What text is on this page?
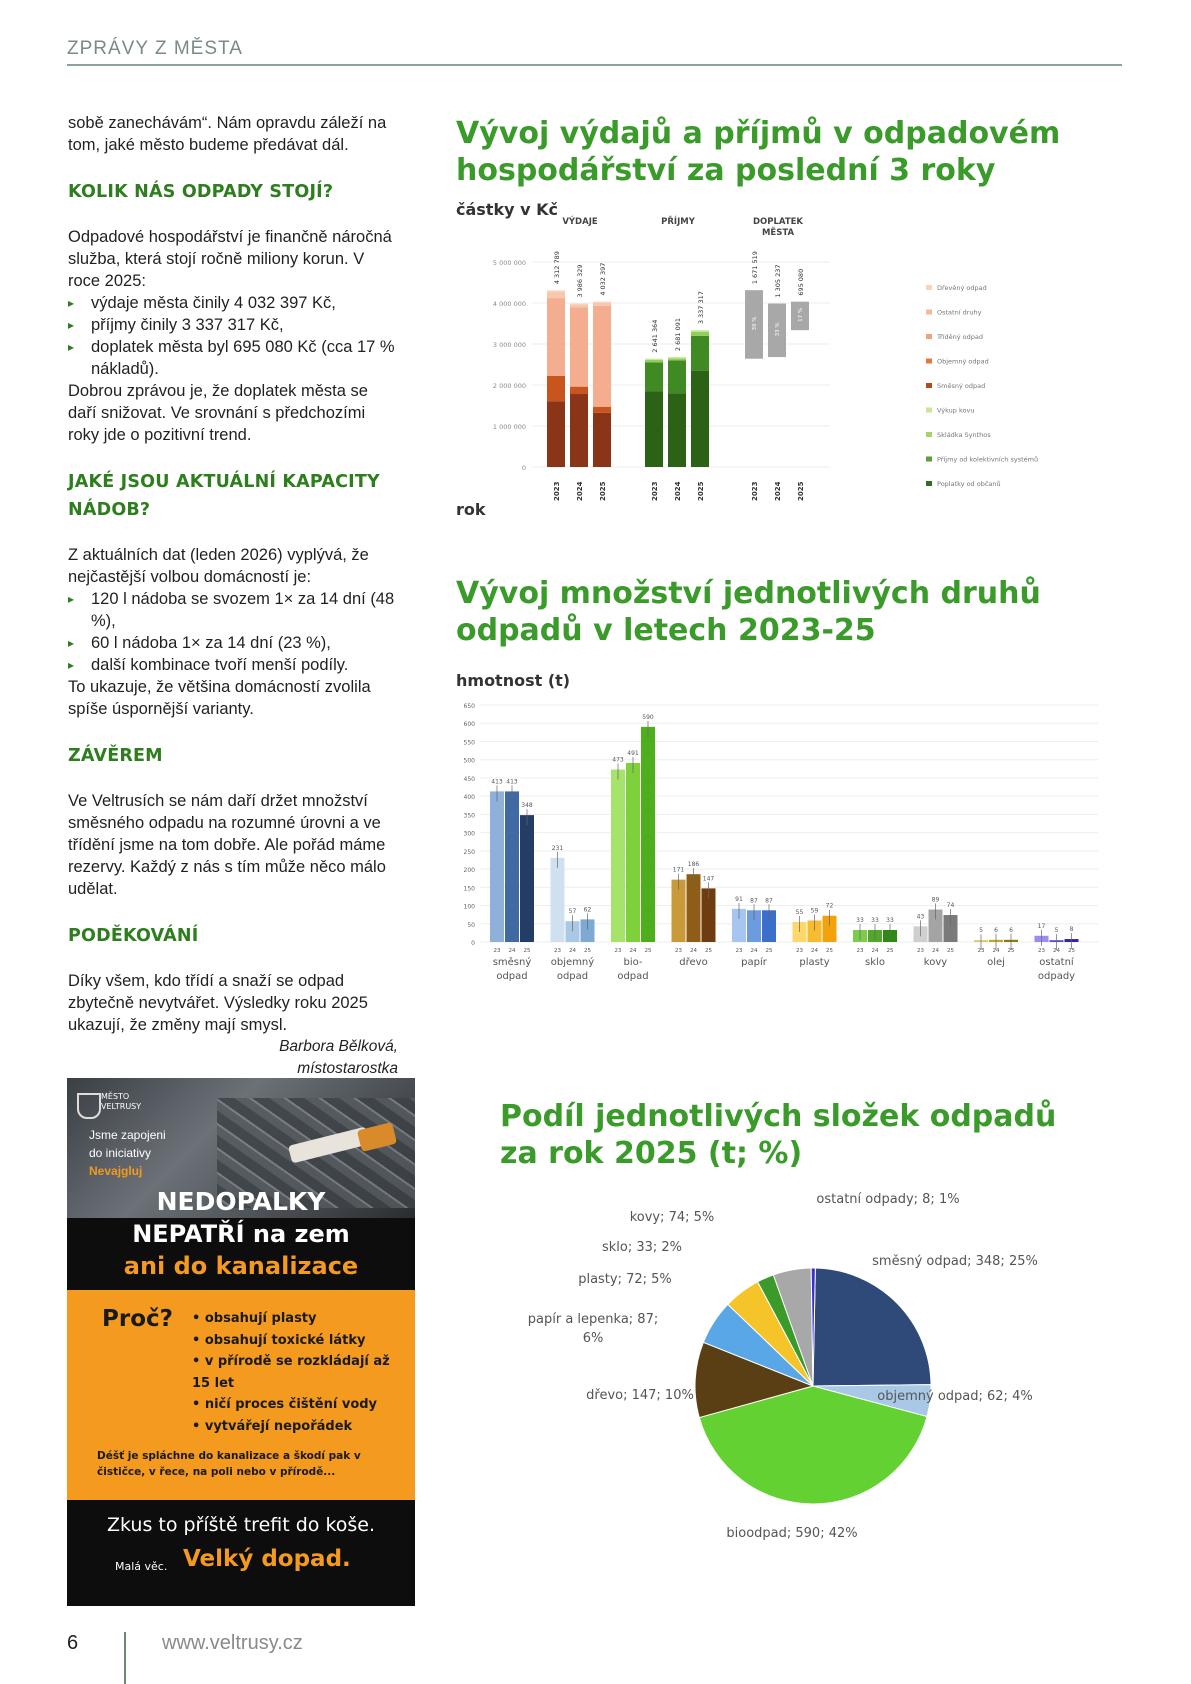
ZPRÁVY Z MĚSTA

sobě zanechávám“. Nám opravdu záleží na tom, jaké město budeme předávat dál.

KOLIK NÁS ODPADY STOJÍ?

Odpadové hospodářství je finančně náročná služba, která stojí ročně miliony korun. V roce 2025:

▸ výdaje města činily 4 032 397 Kč,
▸ příjmy činily 3 337 317 Kč,
▸ doplatek města byl 695 080 Kč (cca 17 % nákladů).

Dobrou zprávou je, že doplatek města se daří snižovat. Ve srovnání s předchozími roky jde o pozitivní trend.

JAKÉ JSOU AKTUÁLNÍ KAPACITY NÁDOB?

Z aktuálních dat (leden 2026) vyplývá, že nejčastější volbou domácností je:

▸ 120 l nádoba se svozem 1× za 14 dní (48 %),
▸ 60 l nádoba 1× za 14 dní (23 %),
▸ další kombinace tvoří menší podíly.

To ukazuje, že většina domácností zvolila spíše úspornější varianty.

ZÁVĚREM

Ve Veltrusích se nám daří držet množství směsného odpadu na rozumné úrovni a ve třídění jsme na tom dobře. Ale pořád máme rezervy. Každý z nás s tím může něco málo udělat.

PODĚKOVÁNÍ

Díky všem, kdo třídí a snaží se odpad zbytečně nevytvářet. Výsledky roku 2025 ukazují, že změny mají smysl.

Barbora Bělková,

místostarostka

Vývoj výdajů a příjmů v odpadovém hospodářství za poslední 3 roky
částky v Kč
rok
5 000 000
4 000 000
3 000 000
2 000 000
1 000 000
0
VÝDAJE	PŘÍJMY	DOPLATEK
MĚSTA
4 312 789
2023
3 986 329
2024
4 032 397
2025
2 641 364
2023
2 681 091
2024
3 337 317
2025
39 %
1 671 519
2023
33 %
1 305 237
2024
17 %
695 080
2025
Dřevěný odpad
Ostatní druhy
Tříděný odpad
Objemný odpad
Směsný odpad
Výkup kovu
Skládka Synthos
Příjmy od kolektivních systémů
Poplatky od občanů
Vývoj množství jednotlivých druhů odpadů v letech 2023-25
hmotnost (t)
650
600
550
500
450
400
350
300
250
200
150
100
50
0
413
23
413
24
348
25
směsný
odpad
231
23
57
24
62
25
objemný
odpad
473
23
491
24
590
25
bio-
odpad
171
23
186
24
147
25
dřevo
91
23
87
24
87
25
papír
55
23
59
24
72
25
plasty
33
23
33
24
33
25
sklo
43
23
89
24
74
25
kovy
5
23
6
24
6
25
olej
17
23
5
24
8
25
ostatní
odpady
Podíl jednotlivých složek odpadů za rok 2025 (t; %)
směsný odpad; 348; 25%
objemný odpad; 62; 4%
bioodpad; 590; 42%
dřevo; 147; 10%
papír a lepenka; 87;
6%
plasty; 72; 5%
sklo; 33; 2%
kovy; 74; 5%
ostatní odpady; 8; 1%
MĚSTO VELTRUSY
Jsme zapojeni
do iniciativy
Nevajgluj
NEDOPALKY
NEPATŘÍ na zem
ani do kanalizace
Proč? • obsahují plasty
• obsahují toxické látky
• v přírodě se rozkládají až 15 let
• ničí proces čištění vody
• vytvářejí nepořádek
Déšť je spláchne do kanalizace a škodí pak v čističce, v řece, na poli nebo v přírodě...
Zkus to příště trefit do koše.
Malá věc. Velký dopad.
6	www.veltrusy.cz
